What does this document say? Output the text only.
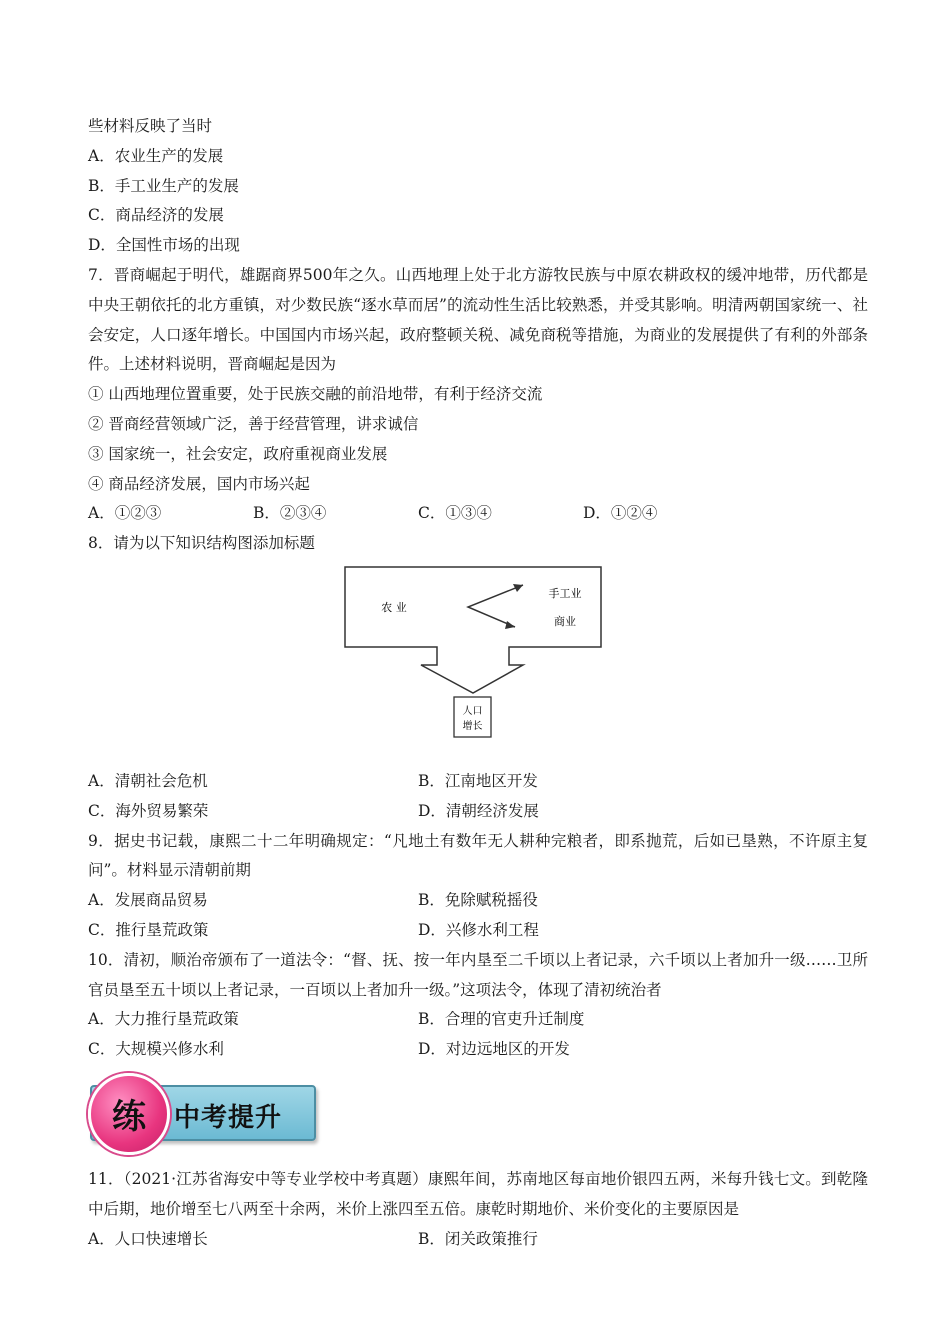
些材料反映了当时
A．农业生产的发展
B．手工业生产的发展
C．商品经济的发展
D．全国性市场的出现
7．晋商崛起于明代，雄踞商界500年之久。山西地理上处于北方游牧民族与中原农耕政权的缓冲地带，历代都是中央王朝依托的北方重镇，对少数民族“逐水草而居”的流动性生活比较熟悉，并受其影响。明清两朝国家统一、社会安定，人口逐年增长。中国国内市场兴起，政府整顿关税、减免商税等措施，为商业的发展提供了有利的外部条件。上述材料说明，晋商崛起是因为
① 山西地理位置重要，处于民族交融的前沿地带，有利于经济交流
② 晋商经营领域广泛，善于经营管理，讲求诚信
③ 国家统一，社会安定，政府重视商业发展
④ 商品经济发展，国内市场兴起
A．①②③	B．②③④	C．①③④	D．①②④
8．请为以下知识结构图添加标题
农 业
手工业
商业
人口
增长
A．清朝社会危机	B．江南地区开发
C．海外贸易繁荣	D．清朝经济发展
9．据史书记载，康熙二十二年明确规定：“凡地土有数年无人耕种完粮者，即系抛荒，后如已垦熟，不许原主复问”。材料显示清朝前期
A．发展商品贸易	B．免除赋税摇役
C．推行垦荒政策	D．兴修水利工程
10．清初，顺治帝颁布了一道法令：“督、抚、按一年内垦至二千顷以上者记录，六千顷以上者加升一级……卫所官员垦至五十顷以上者记录，一百顷以上者加升一级。”这项法令，体现了清初统治者
A．大力推行垦荒政策	B．合理的官吏升迁制度
C．大规模兴修水利	D．对边远地区的开发
练	中考提升
11．（2021·江苏省海安中等专业学校中考真题）康熙年间，苏南地区每亩地价银四五两，米每升钱七文。到乾隆中后期，地价增至七八两至十余两，米价上涨四至五倍。康乾时期地价、米价变化的主要原因是
A．人口快速增长	B．闭关政策推行
